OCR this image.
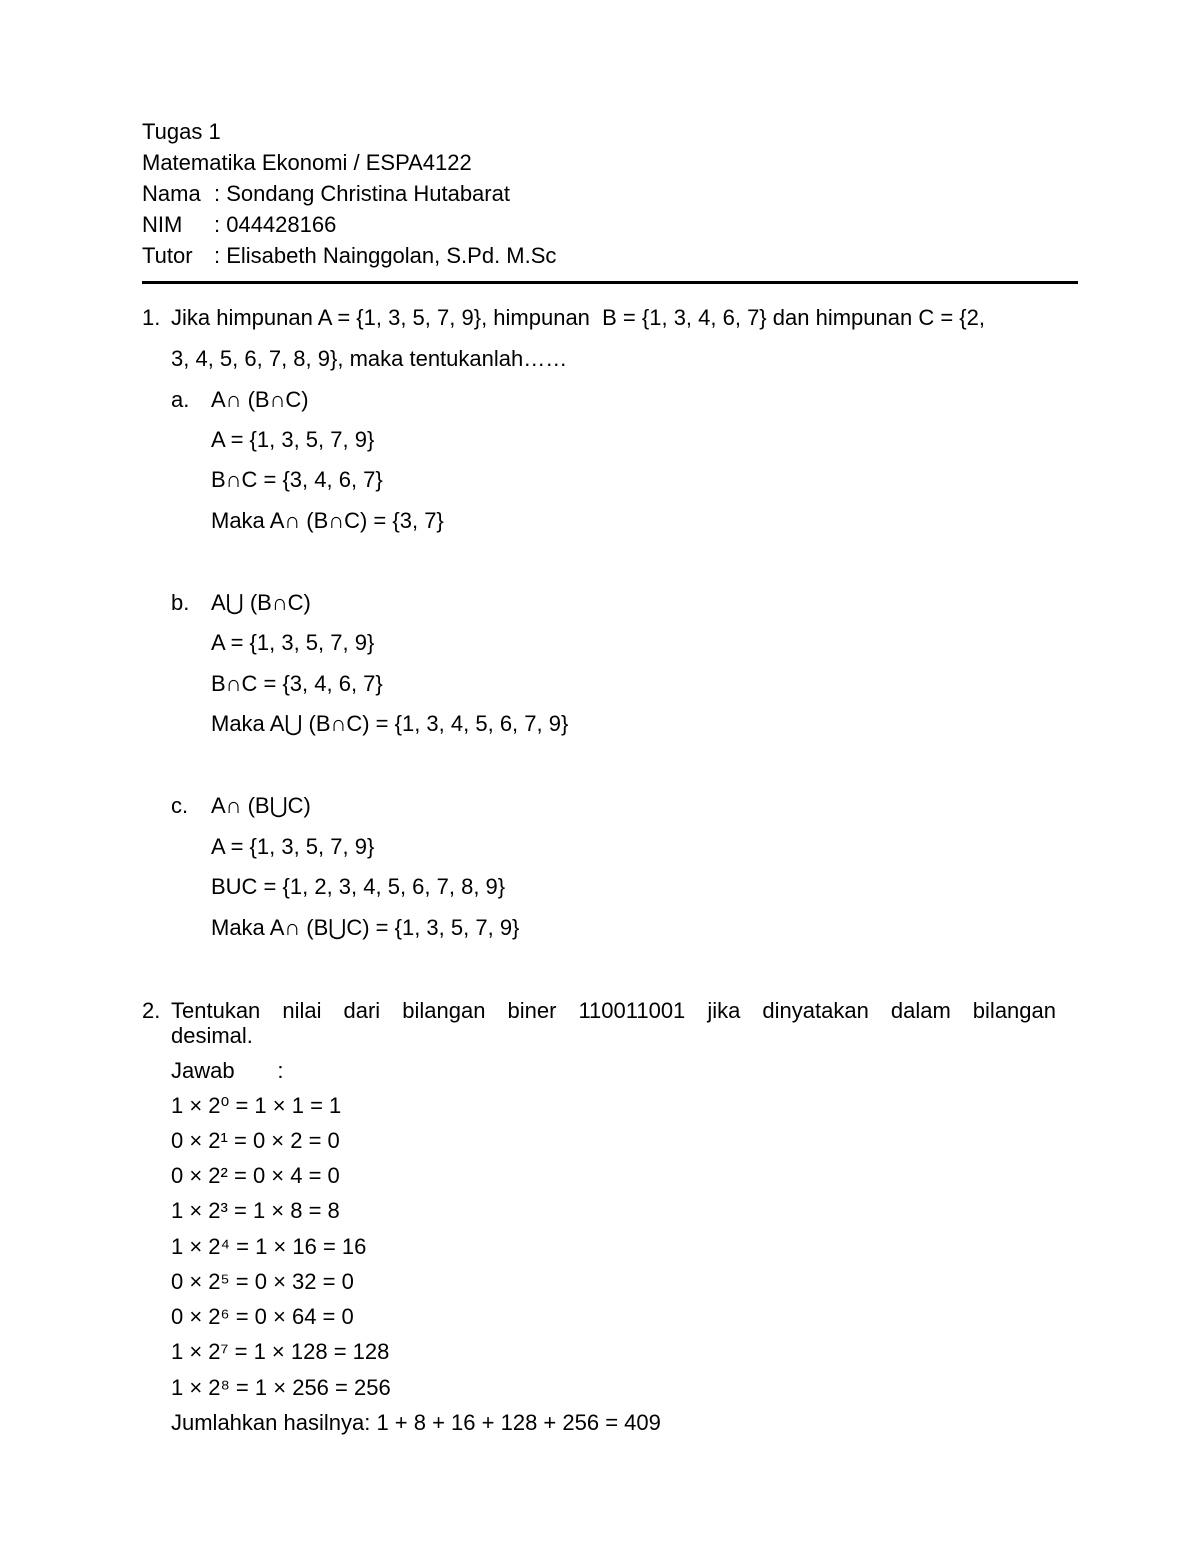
Tugas 1
Matematika Ekonomi / ESPA4122
Nama : Sondang Christina Hutabarat
NIM : 044428166
Tutor : Elisabeth Nainggolan, S.Pd. M.Sc
1. Jika himpunan A = {1, 3, 5, 7, 9}, himpunan  B = {1, 3, 4, 6, 7} dan himpunan C = {2,
3, 4, 5, 6, 7, 8, 9}, maka tentukanlah……
a. A∩ (B∩C)
A = {1, 3, 5, 7, 9}
B∩C = {3, 4, 6, 7}
Maka A∩ (B∩C) = {3, 7}
b. A⋃ (B∩C)
A = {1, 3, 5, 7, 9}
B∩C = {3, 4, 6, 7}
Maka A⋃ (B∩C) = {1, 3, 4, 5, 6, 7, 9}
c. A∩ (B⋃C)
A = {1, 3, 5, 7, 9}
BUC = {1, 2, 3, 4, 5, 6, 7, 8, 9}
Maka A∩ (B⋃C) = {1, 3, 5, 7, 9}
2. Tentukan nilai dari bilangan biner 110011001 jika dinyatakan dalam bilangan
desimal.
Jawab       :
1 × 2⁰ = 1 × 1 = 1
0 × 2¹ = 0 × 2 = 0
0 × 2² = 0 × 4 = 0
1 × 2³ = 1 × 8 = 8
1 × 2⁴ = 1 × 16 = 16
0 × 2⁵ = 0 × 32 = 0
0 × 2⁶ = 0 × 64 = 0
1 × 2⁷ = 1 × 128 = 128
1 × 2⁸ = 1 × 256 = 256
Jumlahkan hasilnya: 1 + 8 + 16 + 128 + 256 = 409
